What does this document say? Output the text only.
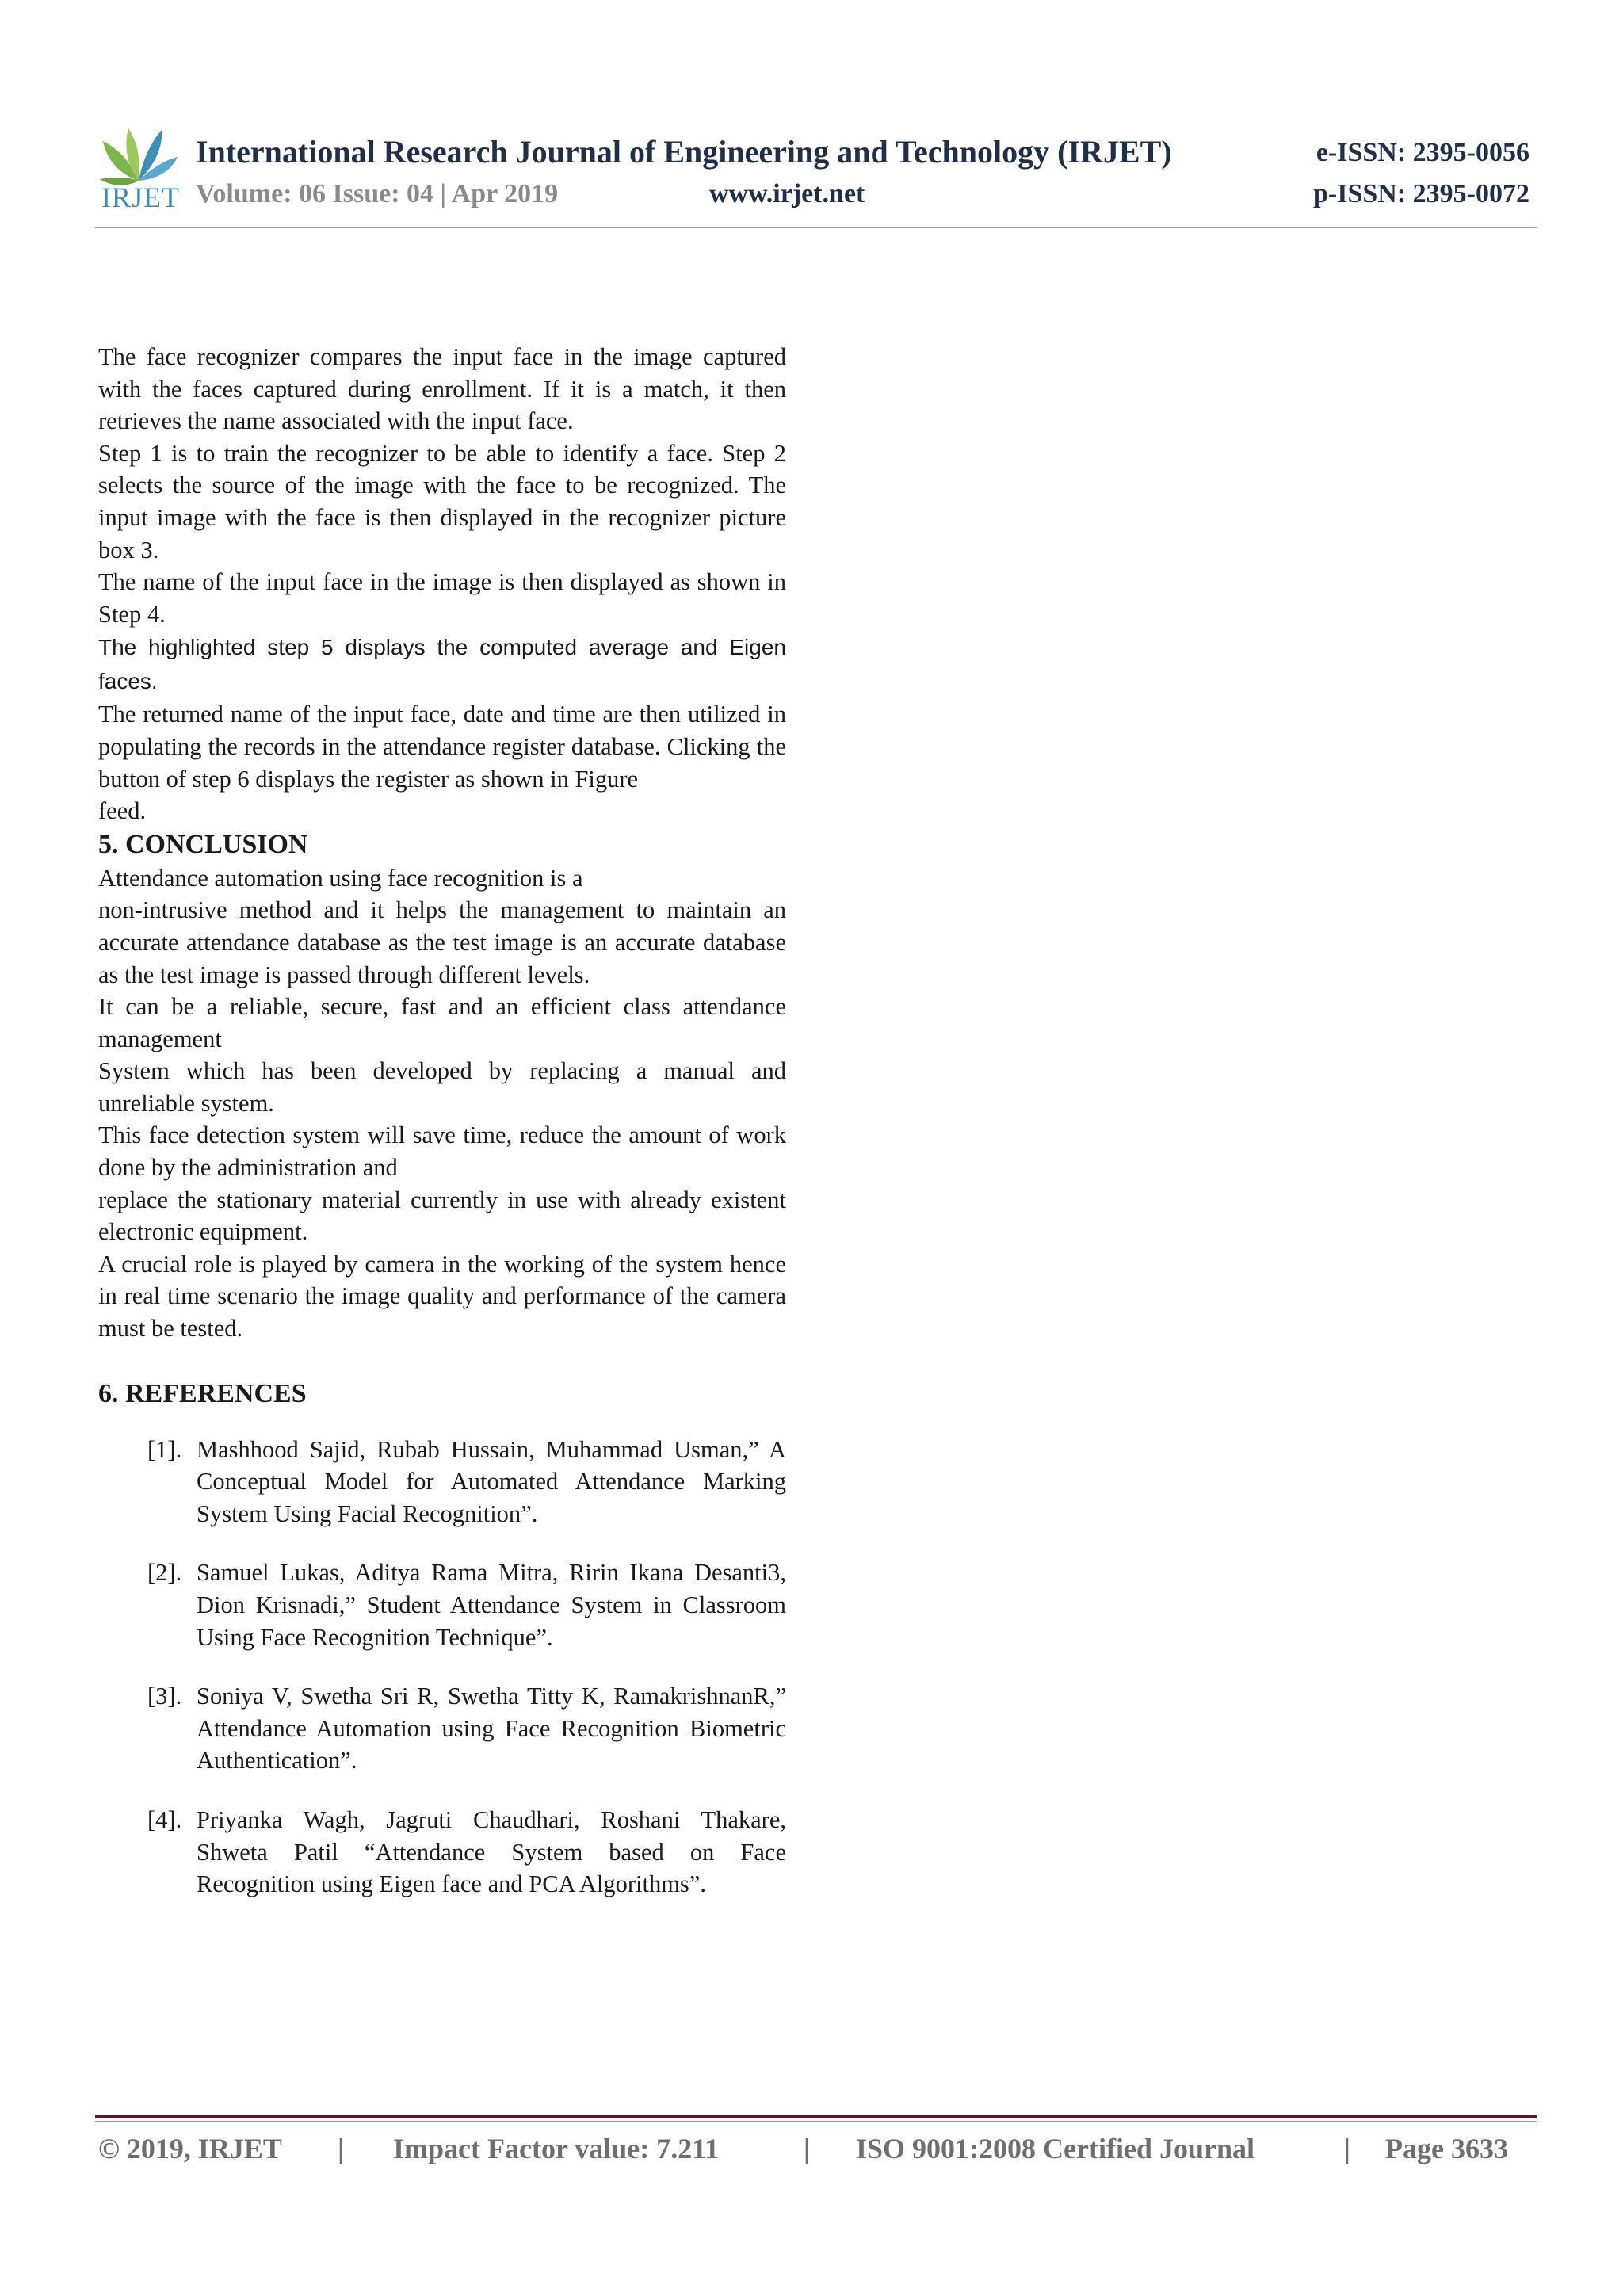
IRJET
International Research Journal of Engineering and Technology (IRJET)	e-ISSN: 2395-0056
Volume: 06 Issue: 04 | Apr 2019	www.irjet.net	p-ISSN: 2395-0072

The face recognizer compares the input face in the image captured with the faces captured during enrollment. If it is a match, it then retrieves the name associated with the input face.

Step 1 is to train the recognizer to be able to identify a face. Step 2 selects the source of the image with the face to be recognized. The input image with the face is then displayed in the recognizer picture box 3.

The name of the input face in the image is then displayed as shown in Step 4.

The highlighted step 5 displays the computed average and Eigen faces.

The returned name of the input face, date and time are then utilized in populating the records in the attendance register database. Clicking the button of step 6 displays the register as shown in Figure

feed.

5. CONCLUSION

Attendance automation using face recognition is a

non-intrusive method and it helps the management to maintain an accurate attendance database as the test image is an accurate database as the test image is passed through different levels.

It can be a reliable, secure, fast and an efficient class attendance management

System which has been developed by replacing a manual and unreliable system.

This face detection system will save time, reduce the amount of work done by the administration and

replace the stationary material currently in use with already existent electronic equipment.

A crucial role is played by camera in the working of the system hence in real time scenario the image quality and performance of the camera must be tested.

6. REFERENCES
[1]. Mashhood Sajid, Rubab Hussain, Muhammad Usman,” A Conceptual Model for Automated Attendance Marking System Using Facial Recognition”.
[2]. Samuel Lukas, Aditya Rama Mitra, Ririn Ikana Desanti3, Dion Krisnadi,” Student Attendance System in Classroom Using Face Recognition Technique”.
[3]. Soniya V, Swetha Sri R, Swetha Titty K, RamakrishnanR,” Attendance Automation using Face Recognition Biometric Authentication”.
[4]. Priyanka Wagh, Jagruti Chaudhari, Roshani Thakare, Shweta Patil “Attendance System based on Face Recognition using Eigen face and PCA Algorithms”.
© 2019, IRJET | Impact Factor value: 7.211	| ISO 9001:2008 Certified Journal	| Page 3633
